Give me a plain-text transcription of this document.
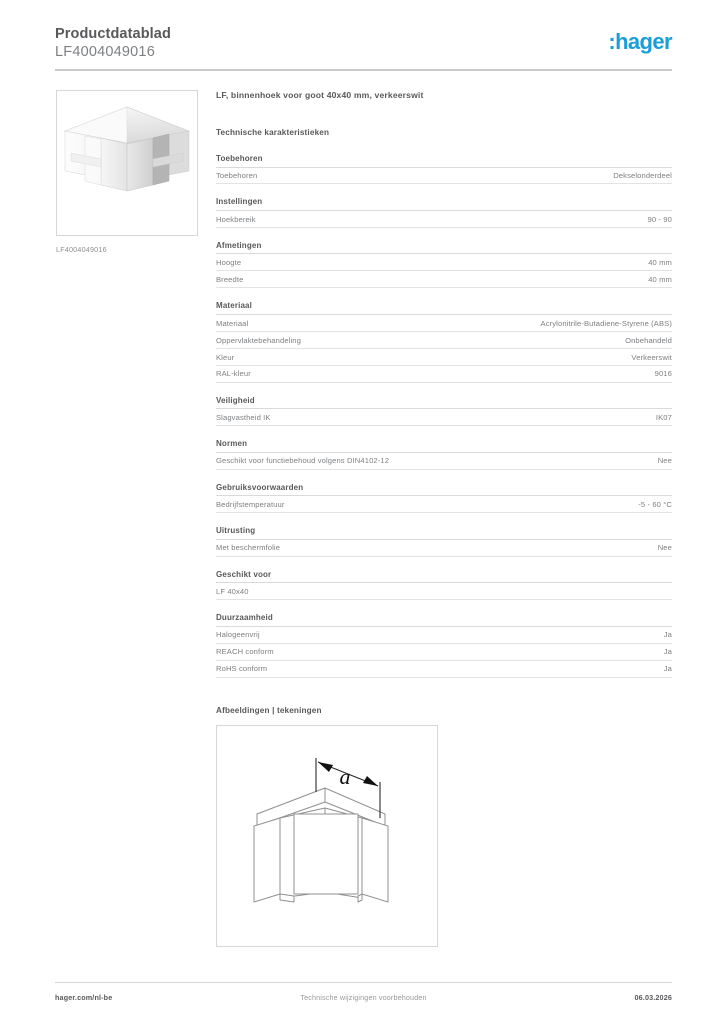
Productdatablad
LF4004049016	:hager
LF4004049016
LF, binnenhoek voor goot 40x40 mm, verkeerswit
Technische karakteristieken
Toebehoren
Toebehoren	Dekselonderdeel
Instellingen
Hoekbereik	90 - 90
Afmetingen
Hoogte	40 mm
Breedte	40 mm
Materiaal
Materiaal	Acrylonitrile-Butadiene-Styrene (ABS)
Oppervlaktebehandeling	Onbehandeld
Kleur	Verkeerswit
RAL-kleur	9016
Veiligheid
Slagvastheid IK	IK07
Normen
Geschikt voor functiebehoud volgens DIN4102-12	Nee
Gebruiksvoorwaarden
Bedrijfstemperatuur	-5 - 60 °C
Uitrusting
Met beschermfolie	Nee
Geschikt voor
LF 40x40
Duurzaamheid
Halogeenvrij	Ja
REACH conform	Ja
RoHS conform	Ja
Afbeeldingen | tekeningen
a
hager.com/nl-be	Technische wijzigingen voorbehouden	06.03.2026
